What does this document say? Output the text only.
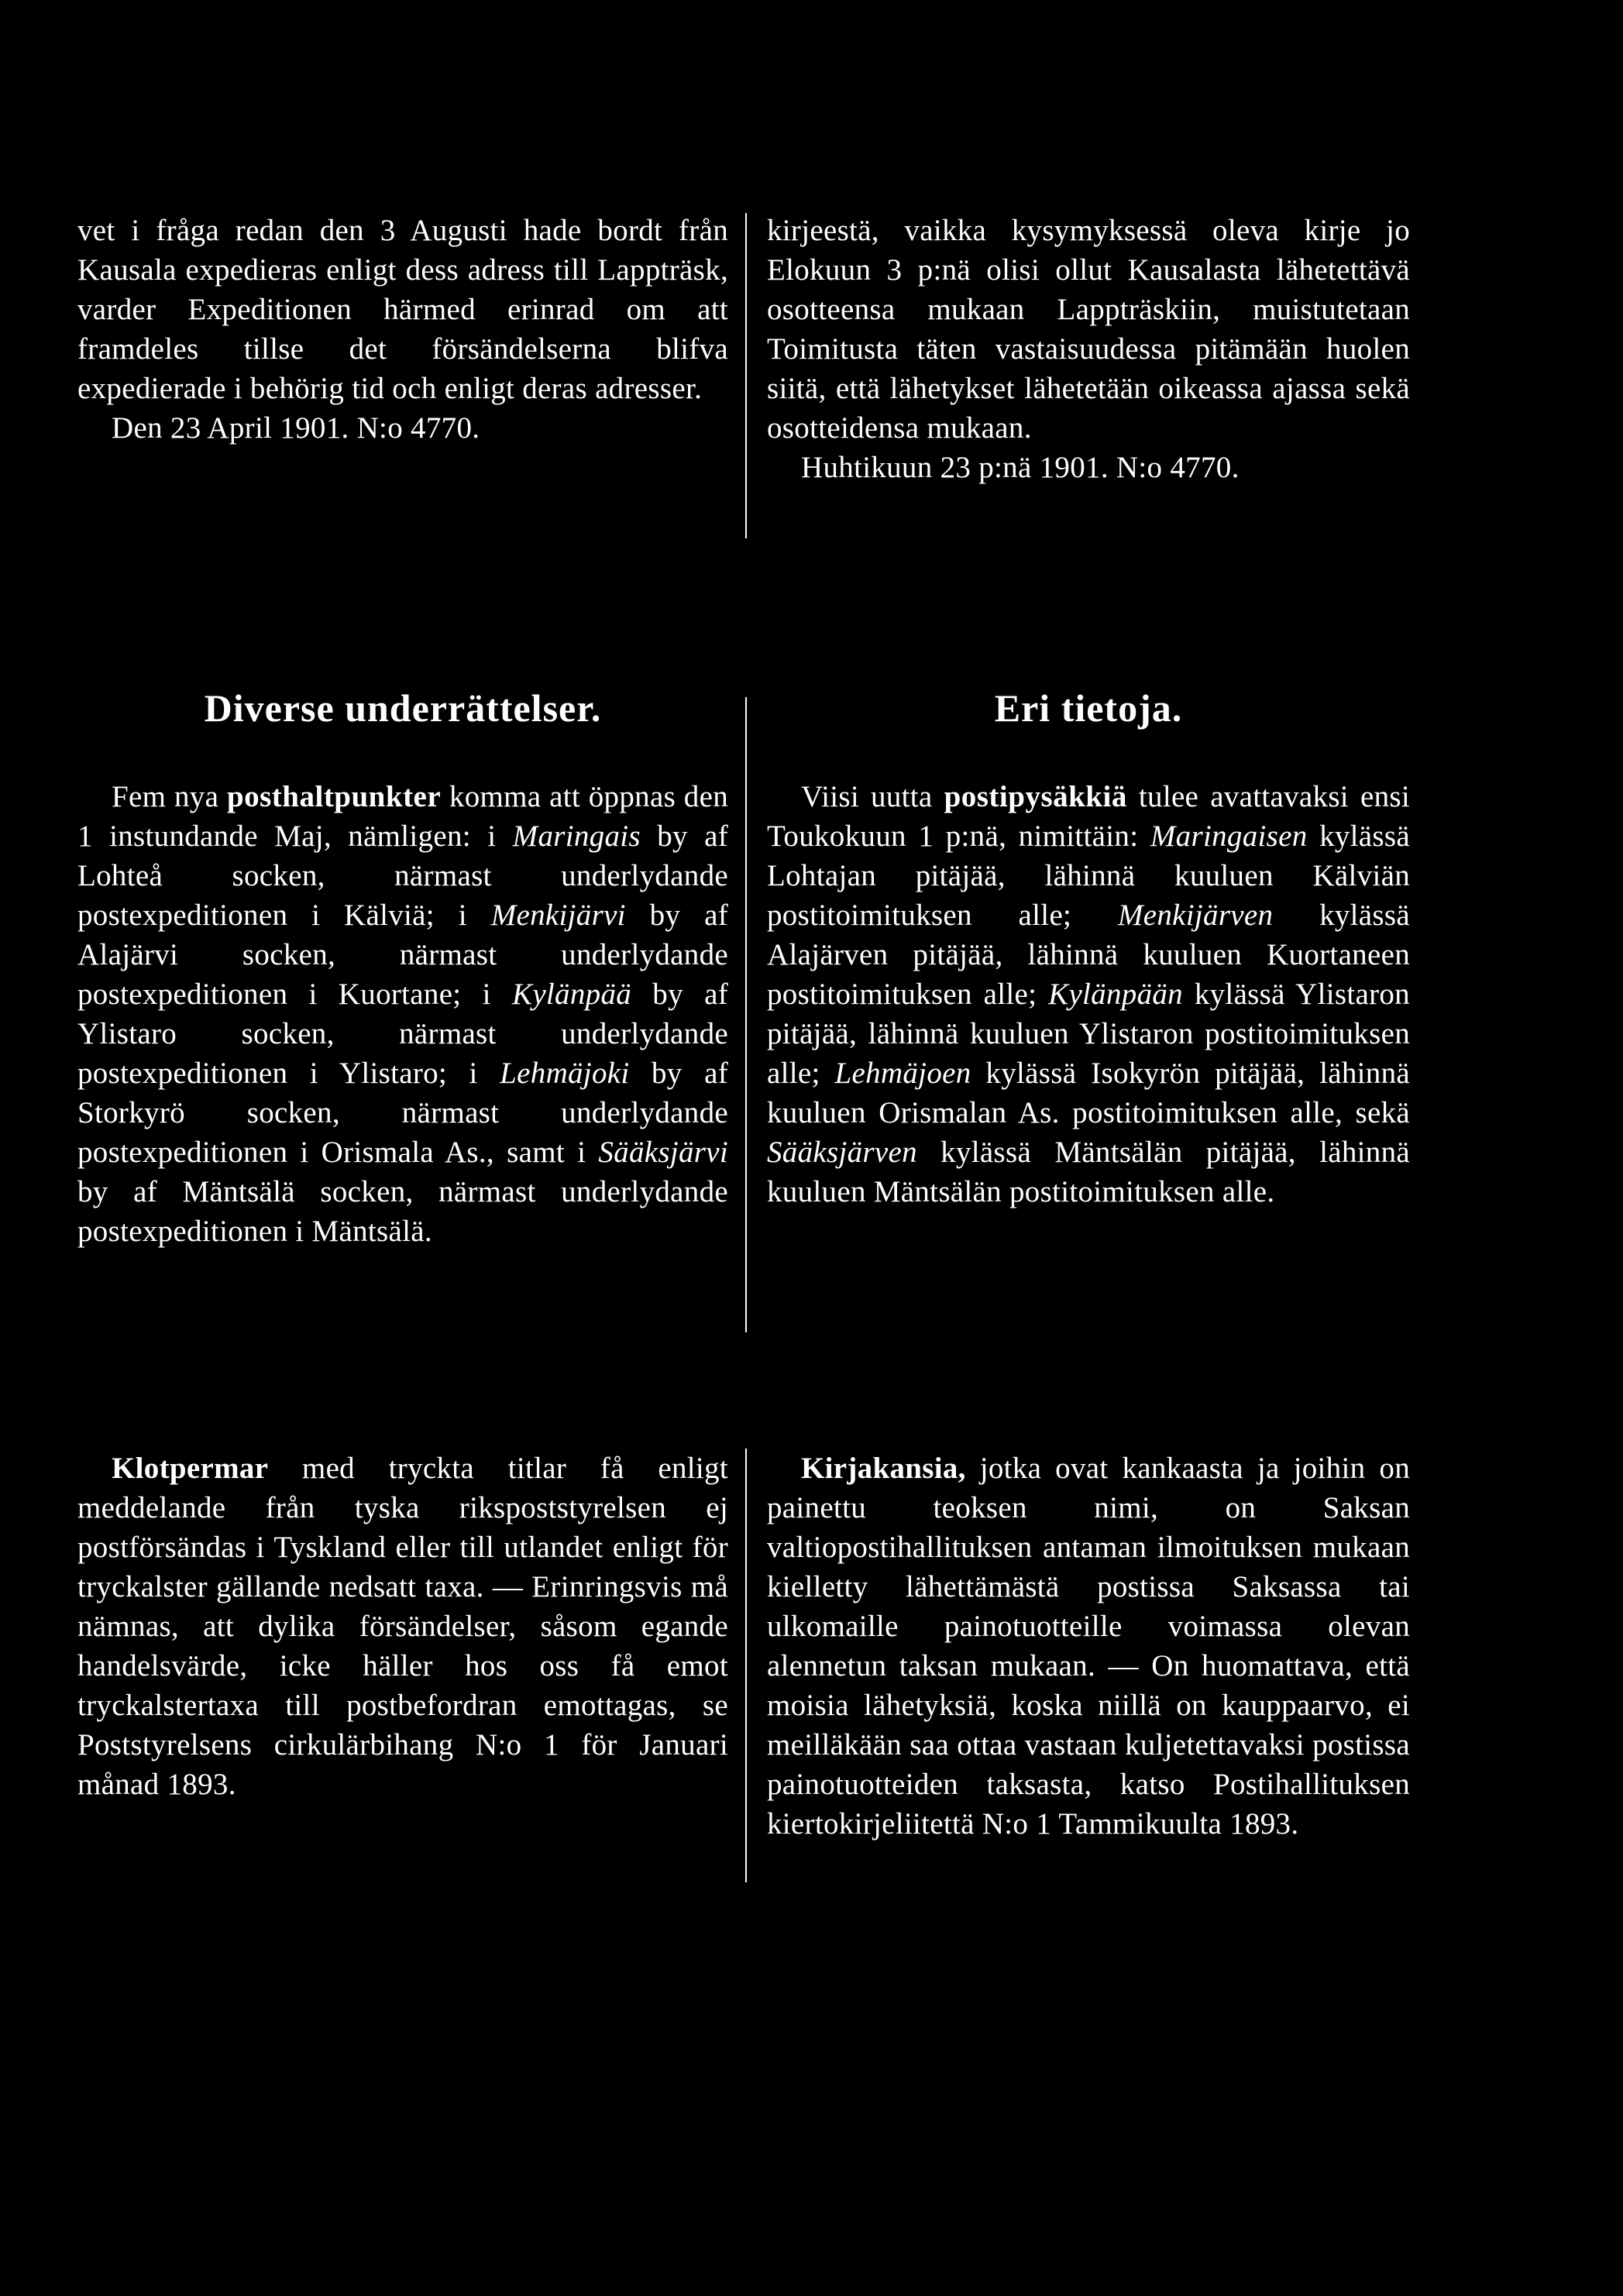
vet i fråga redan den 3 Augusti hade bordt från Kausala expedieras enligt dess adress till Lappträsk, varder Expeditionen härmed erinrad om att framdeles tillse det försändelserna blifva expedierade i behörig tid och enligt deras adresser.

Den 23 April 1901. N:o 4770.

kirjeestä, vaikka kysymyksessä oleva kirje jo Elokuun 3 p:nä olisi ollut Kausalasta lähetettävä osotteensa mukaan Lappträskiin, muistutetaan Toimitusta täten vastaisuudessa pitämään huolen siitä, että lähetykset lähetetään oikeassa ajassa sekä osotteidensa mukaan.

Huhtikuun 23 p:nä 1901. N:o 4770.

Diverse underrättelser.	Eri tietoja.

Fem nya posthaltpunkter komma att öppnas den 1 instundande Maj, nämligen: i Maringais by af Lohteå socken, närmast underlydande postexpeditionen i Kälviä; i Menkijärvi by af Alajärvi socken, närmast underlydande postexpeditionen i Kuortane; i Kylänpää by af Ylistaro socken, närmast underlydande postexpeditionen i Ylistaro; i Lehmäjoki by af Storkyrö socken, närmast underlydande postexpeditionen i Orismala As., samt i Sääksjärvi by af Mäntsälä socken, närmast underlydande postexpeditionen i Mäntsälä.

Viisi uutta postipysäkkiä tulee avattavaksi ensi Toukokuun 1 p:nä, nimittäin: Maringaisen kylässä Lohtajan pitäjää, lähinnä kuuluen Kälviän postitoimituksen alle; Menkijärven kylässä Alajärven pitäjää, lähinnä kuuluen Kuortaneen postitoimituksen alle; Kylänpään kylässä Ylistaron pitäjää, lähinnä kuuluen Ylistaron postitoimituksen alle; Lehmäjoen kylässä Isokyrön pitäjää, lähinnä kuuluen Orismalan As. postitoimituksen alle, sekä Sääksjärven kylässä Mäntsälän pitäjää, lähinnä kuuluen Mäntsälän postitoimituksen alle.

Klotpermar med tryckta titlar få enligt meddelande från tyska rikspoststyrelsen ej postförsändas i Tyskland eller till utlandet enligt för tryckalster gällande nedsatt taxa. — Erinringsvis må nämnas, att dylika försändelser, såsom egande handelsvärde, icke häller hos oss få emot tryckalstertaxa till postbefordran emottagas, se Poststyrelsens cirkulärbihang N:o 1 för Januari månad 1893.

Kirjakansia, jotka ovat kankaasta ja joihin on painettu teoksen nimi, on Saksan valtiopostihallituksen antaman ilmoituksen mukaan kielletty lähettämästä postissa Saksassa tai ulkomaille painotuotteille voimassa olevan alennetun taksan mukaan. — On huomattava, että moisia lähetyksiä, koska niillä on kauppaarvo, ei meilläkään saa ottaa vastaan kuljetettavaksi postissa painotuotteiden taksasta, katso Postihallituksen kiertokirjeliitettä N:o 1 Tammikuulta 1893.
